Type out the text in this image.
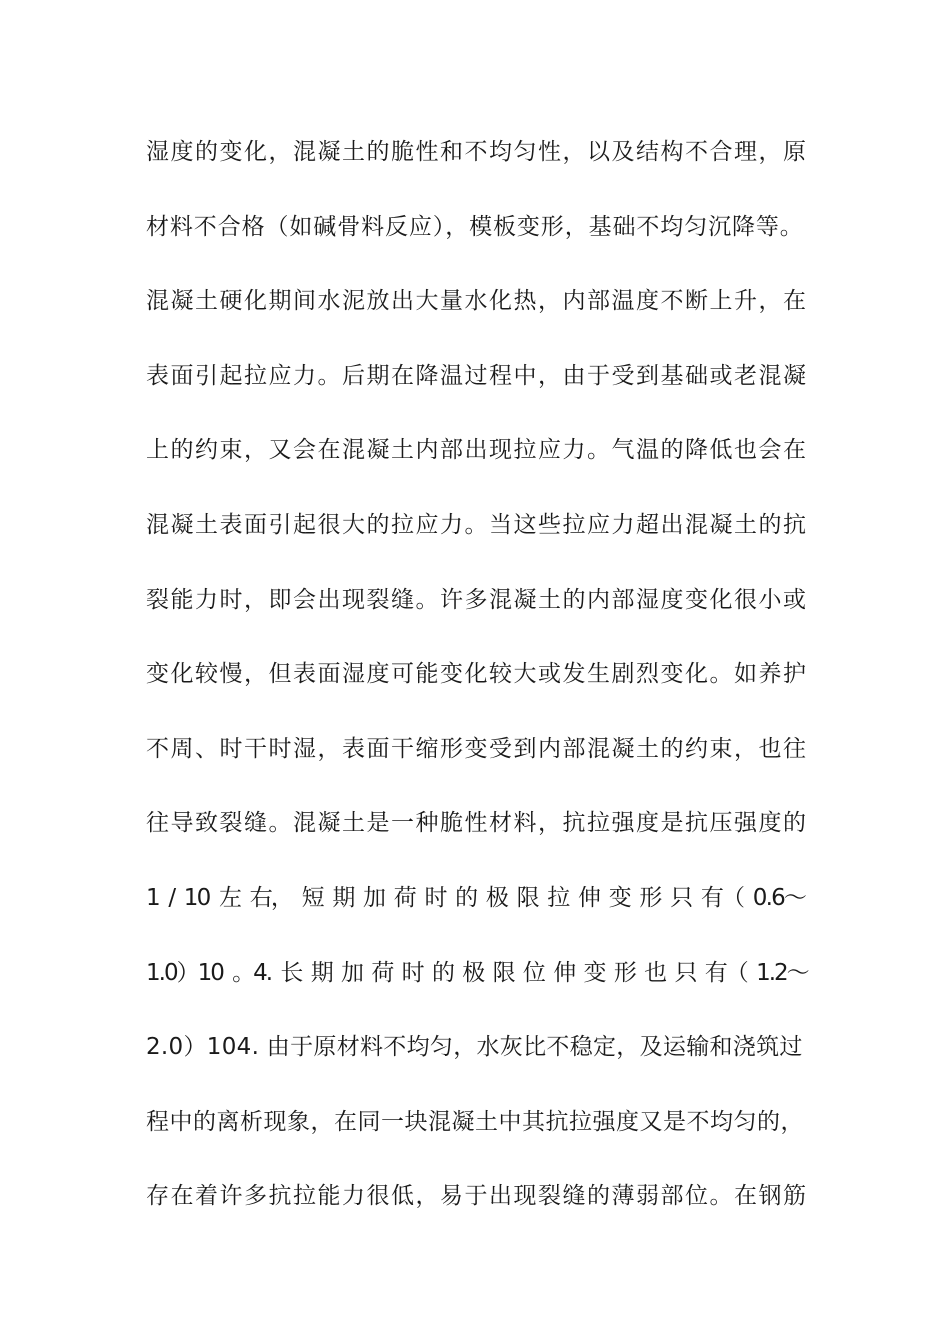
湿度的变化，混凝土的脆性和不均匀性，以及结构不合理，原
材料不合格（如碱骨料反应），模板变形，基础不均匀沉降等。
混凝土硬化期间水泥放出大量水化热，内部温度不断上升，在
表面引起拉应力。后期在降温过程中，由于受到基础或老混凝
上的约束，又会在混凝土内部出现拉应力。气温的降低也会在
混凝土表面引起很大的拉应力。当这些拉应力超出混凝土的抗
裂能力时，即会出现裂缝。许多混凝土的内部湿度变化很小或
变化较慢，但表面湿度可能变化较大或发生剧烈变化。如养护
不周、时干时湿，表面干缩形变受到内部混凝土的约束，也往
往导致裂缝。混凝土是一种脆性材料，抗拉强度是抗压强度的
1 / 10 左 右， 短 期 加 荷 时 的 极 限 拉 伸 变 形 只 有（ 0.6～
1.0）10 。4. 长 期 加 荷 时 的 极 限 位 伸 变 形 也 只 有（ 1.2～
2.0）104. 由于原材料不均匀，水灰比不稳定，及运输和浇筑过
程中的离析现象，在同一块混凝土中其抗拉强度又是不均匀的，
存在着许多抗拉能力很低，易于出现裂缝的薄弱部位。在钢筋
